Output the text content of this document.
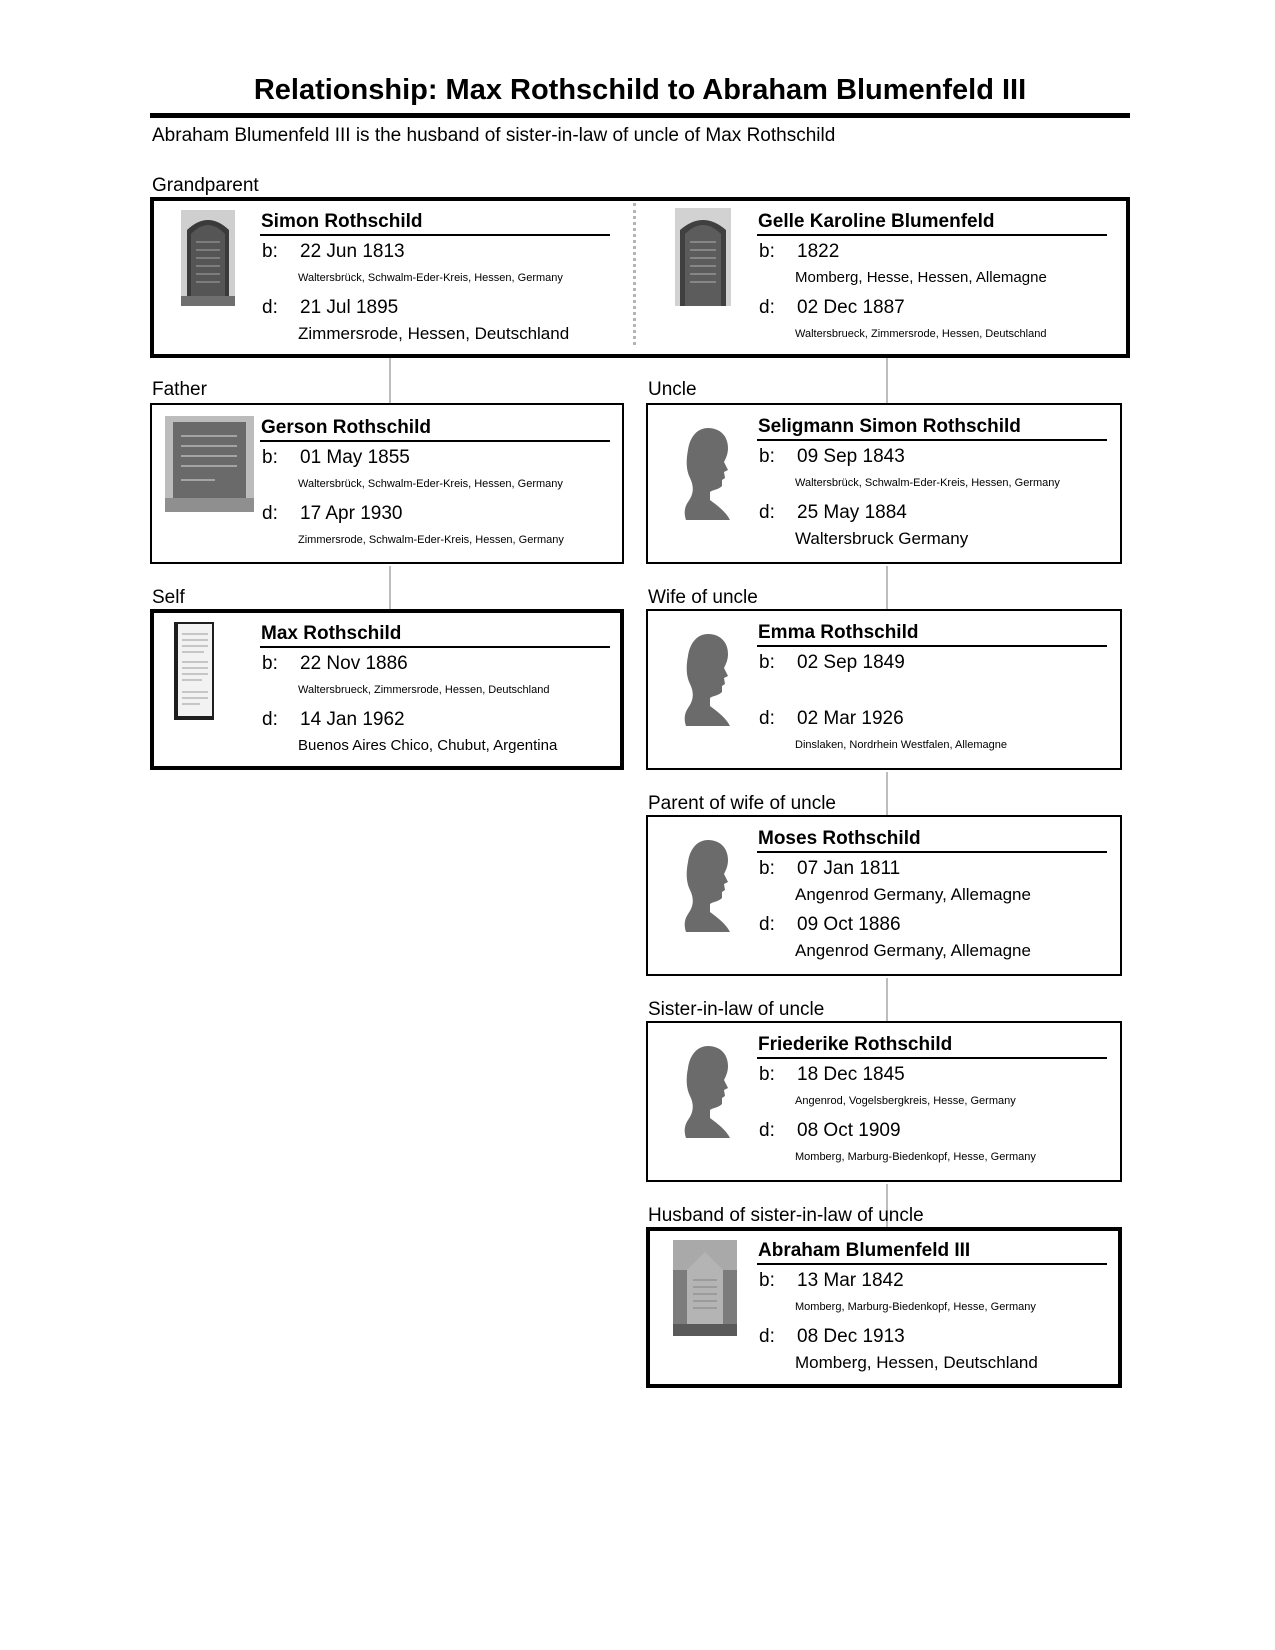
Relationship: Max Rothschild to Abraham Blumenfeld III
Abraham Blumenfeld III is the husband of sister-in-law of uncle of Max Rothschild
Grandparent
Simon Rothschild
b:	22 Jun 1813
Waltersbrück, Schwalm-Eder-Kreis, Hessen, Germany
d:	21 Jul 1895
Zimmersrode, Hessen, Deutschland
Gelle Karoline Blumenfeld
b:	1822
Momberg, Hesse, Hessen, Allemagne
d:	02 Dec 1887
Waltersbrueck, Zimmersrode, Hessen, Deutschland
Father
Gerson Rothschild
b:	01 May 1855
Waltersbrück, Schwalm-Eder-Kreis, Hessen, Germany
d:	17 Apr 1930
Zimmersrode, Schwalm-Eder-Kreis, Hessen, Germany
Uncle
Seligmann Simon Rothschild
b:	09 Sep 1843
Waltersbrück, Schwalm-Eder-Kreis, Hessen, Germany
d:	25 May 1884
Waltersbruck Germany
Self
Max Rothschild
b:	22 Nov 1886
Waltersbrueck, Zimmersrode, Hessen, Deutschland
d:	14 Jan 1962
Buenos Aires Chico, Chubut, Argentina
Wife of uncle
Emma Rothschild
b:	02 Sep 1849
d:	02 Mar 1926
Dinslaken, Nordrhein Westfalen, Allemagne
Parent of wife of uncle
Moses Rothschild
b:	07 Jan 1811
Angenrod Germany, Allemagne
d:	09 Oct 1886
Angenrod Germany, Allemagne
Sister-in-law of uncle
Friederike Rothschild
b:	18 Dec 1845
Angenrod, Vogelsbergkreis, Hesse, Germany
d:	08 Oct 1909
Momberg, Marburg-Biedenkopf, Hesse, Germany
Husband of sister-in-law of uncle
Abraham Blumenfeld III
b:	13 Mar 1842
Momberg, Marburg-Biedenkopf, Hesse, Germany
d:	08 Dec 1913
Momberg, Hessen, Deutschland
